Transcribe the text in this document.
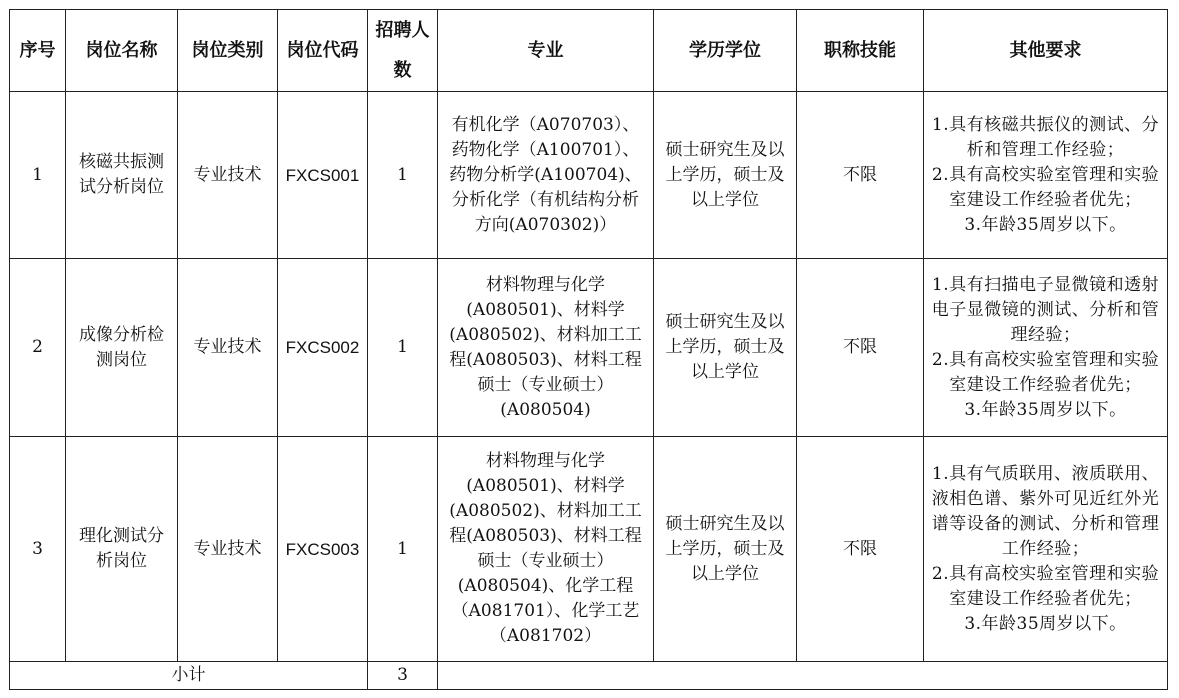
序号	岗位名称	岗位类别	岗位代码	招聘人数	专业	学历学位	职称技能	其他要求
1	核磁共振测试分析岗位	专业技术	FXCS001	1	有机化学（A070703）、药物化学（A100701）、药物分析学(A100704)、分析化学（有机结构分析方向(A070302)）	硕士研究生及以上学历，硕士及以上学位	不限	1.具有核磁共振仪的测试、分析和管理工作经验；
2.具有高校实验室管理和实验室建设工作经验者优先；
3.年龄35周岁以下。

2	成像分析检测岗位	专业技术	FXCS002	1	材料物理与化学(A080501)、材料学(A080502)、材料加工工程(A080503)、材料工程硕士（专业硕士）(A080504)	硕士研究生及以上学历，硕士及以上学位	不限	1.具有扫描电子显微镜和透射电子显微镜的测试、分析和管理经验；
2.具有高校实验室管理和实验室建设工作经验者优先；
3.年龄35周岁以下。

3	理化测试分析岗位	专业技术	FXCS003	1	材料物理与化学(A080501)、材料学(A080502)、材料加工工程(A080503)、材料工程硕士（专业硕士）(A080504)、化学工程（A081701）、化学工艺（A081702）	硕士研究生及以上学历，硕士及以上学位	不限	1.具有气质联用、液质联用、液相色谱、紫外可见近红外光谱等设备的测试、分析和管理工作经验；
2.具有高校实验室管理和实验室建设工作经验者优先；
3.年龄35周岁以下。

小计				3				
